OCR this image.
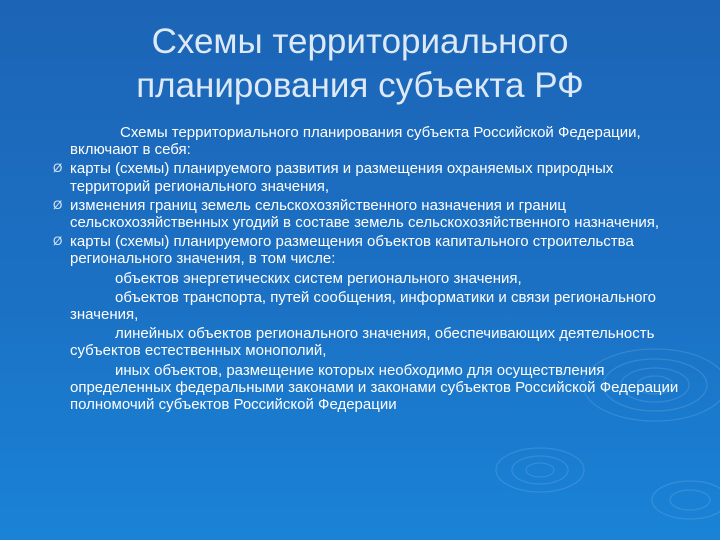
Схемы территориального
планирования субъекта РФ

Схемы территориального планирования субъекта Российской Федерации, включают в себя:

Ø карты (схемы) планируемого развития и размещения охраняемых природных территорий регионального значения,
Ø изменения границ земель сельскохозяйственного назначения и границ сельскохозяйственных угодий в составе земель сельскохозяйственного назначения,
Ø карты (схемы) планируемого размещения объектов капитального строительства регионального значения, в том числе:

объектов энергетических систем регионального значения,

объектов транспорта, путей сообщения, информатики и связи регионального значения,

линейных объектов регионального значения, обеспечивающих деятельность субъектов естественных монополий,

иных объектов, размещение которых необходимо для осуществления определенных федеральными законами и законами субъектов Российской Федерации полномочий субъектов Российской Федерации
